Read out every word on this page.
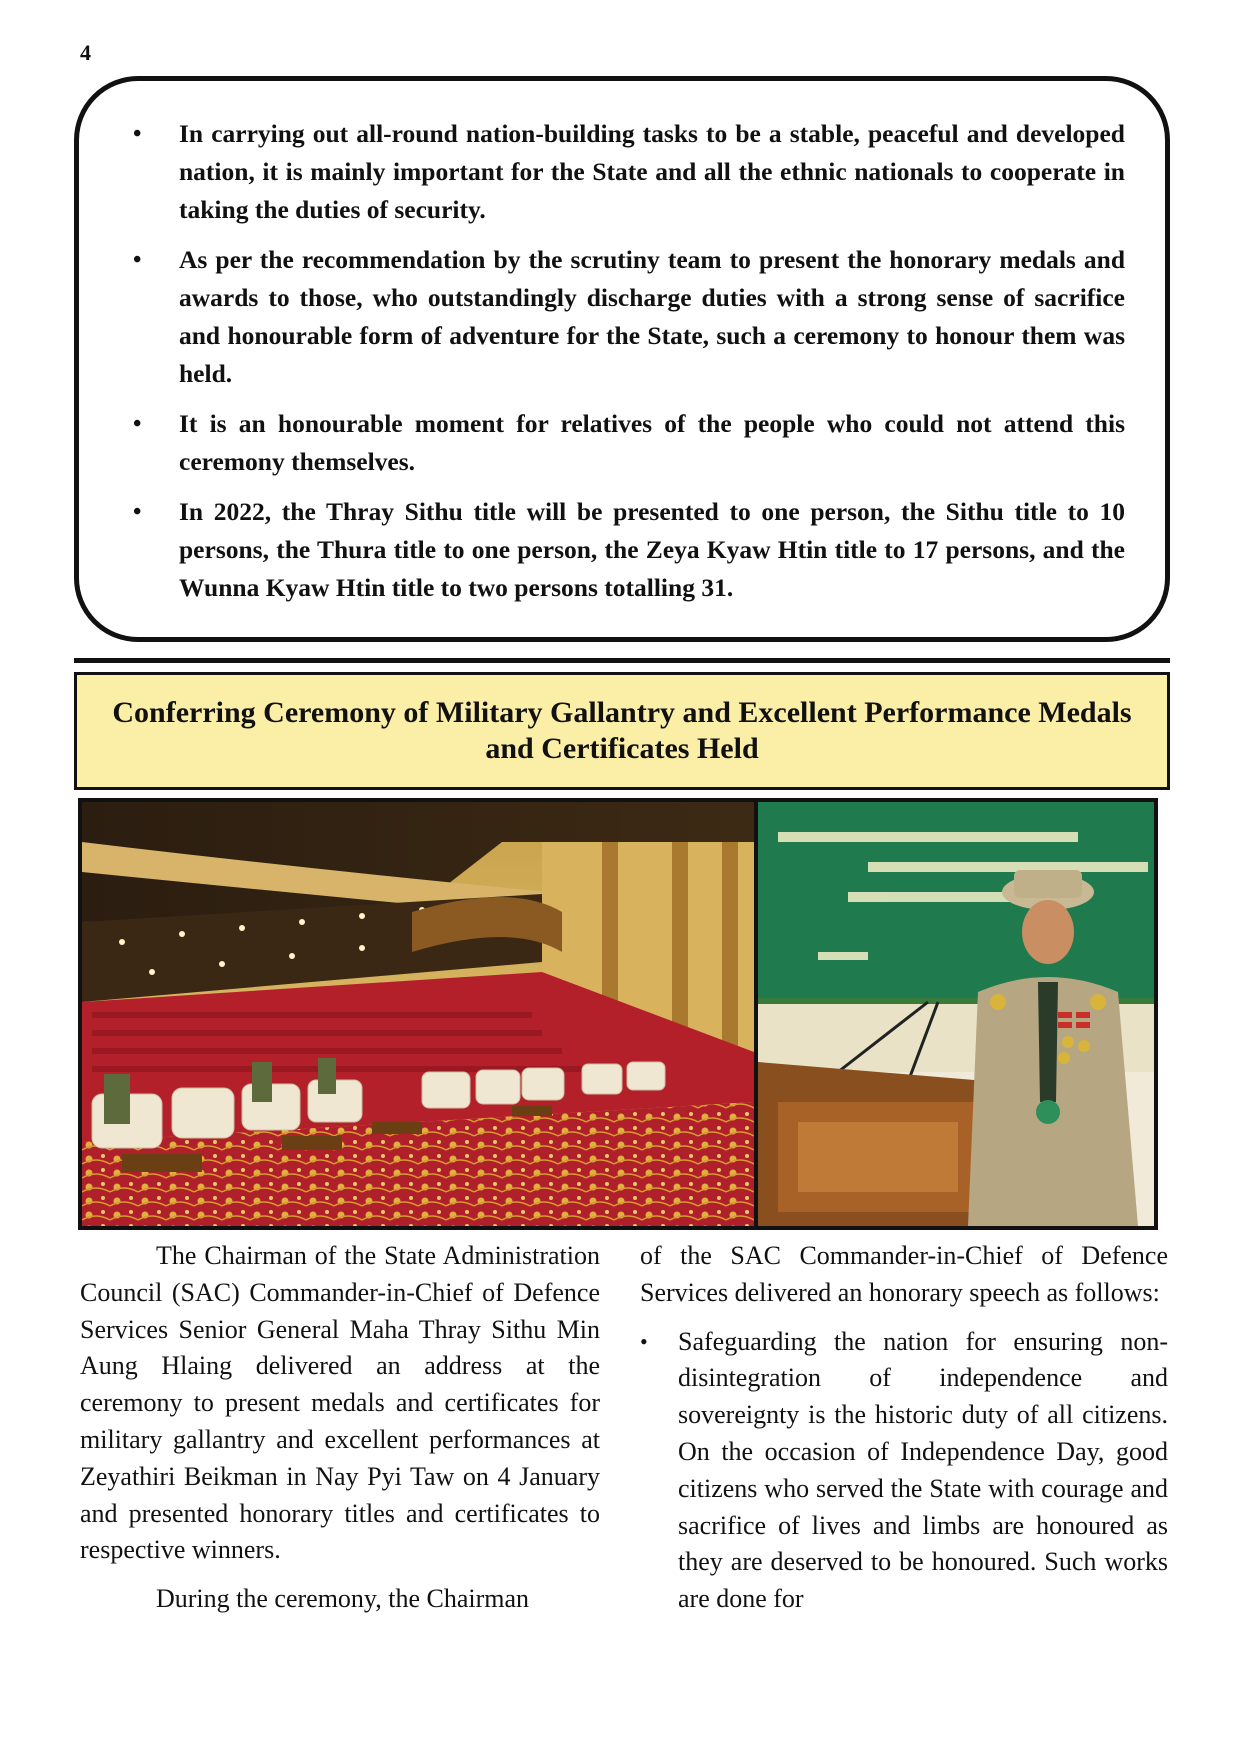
4
• In carrying out all-round nation-building tasks to be a stable, peaceful and developed nation, it is mainly important for the State and all the ethnic nationals to cooperate in taking the duties of security.
• As per the recommendation by the scrutiny team to present the honorary medals and awards to those, who outstandingly discharge duties with a strong sense of sacrifice and honourable form of adventure for the State, such a ceremony to honour them was held.
• It is an honourable moment for relatives of the people who could not attend this ceremony themselves.
• In 2022, the Thray Sithu title will be presented to one person, the Sithu title to 10 persons, the Thura title to one person, the Zeya Kyaw Htin title to 17 persons, and the Wunna Kyaw Htin title to two persons totalling 31.
Conferring Ceremony of Military Gallantry and Excellent Performance Medals
and Certificates Held

The Chairman of the State Administration Council (SAC) Commander-in-Chief of Defence Services Senior General Maha Thray Sithu Min Aung Hlaing delivered an address at the ceremony to present medals and certificates for military gallantry and excellent performances at Zeyathiri Beikman in Nay Pyi Taw on 4 January and presented honorary titles and certificates to respective winners.

During the ceremony, the Chairman

of the SAC Commander-in-Chief of Defence Services delivered an honorary speech as follows:

• Safeguarding the nation for ensuring non-disintegration of independence and sovereignty is the historic duty of all citizens. On the occasion of Independence Day, good citizens who served the State with courage and sacrifice of lives and limbs are honoured as they are deserved to be honoured. Such works are done for
